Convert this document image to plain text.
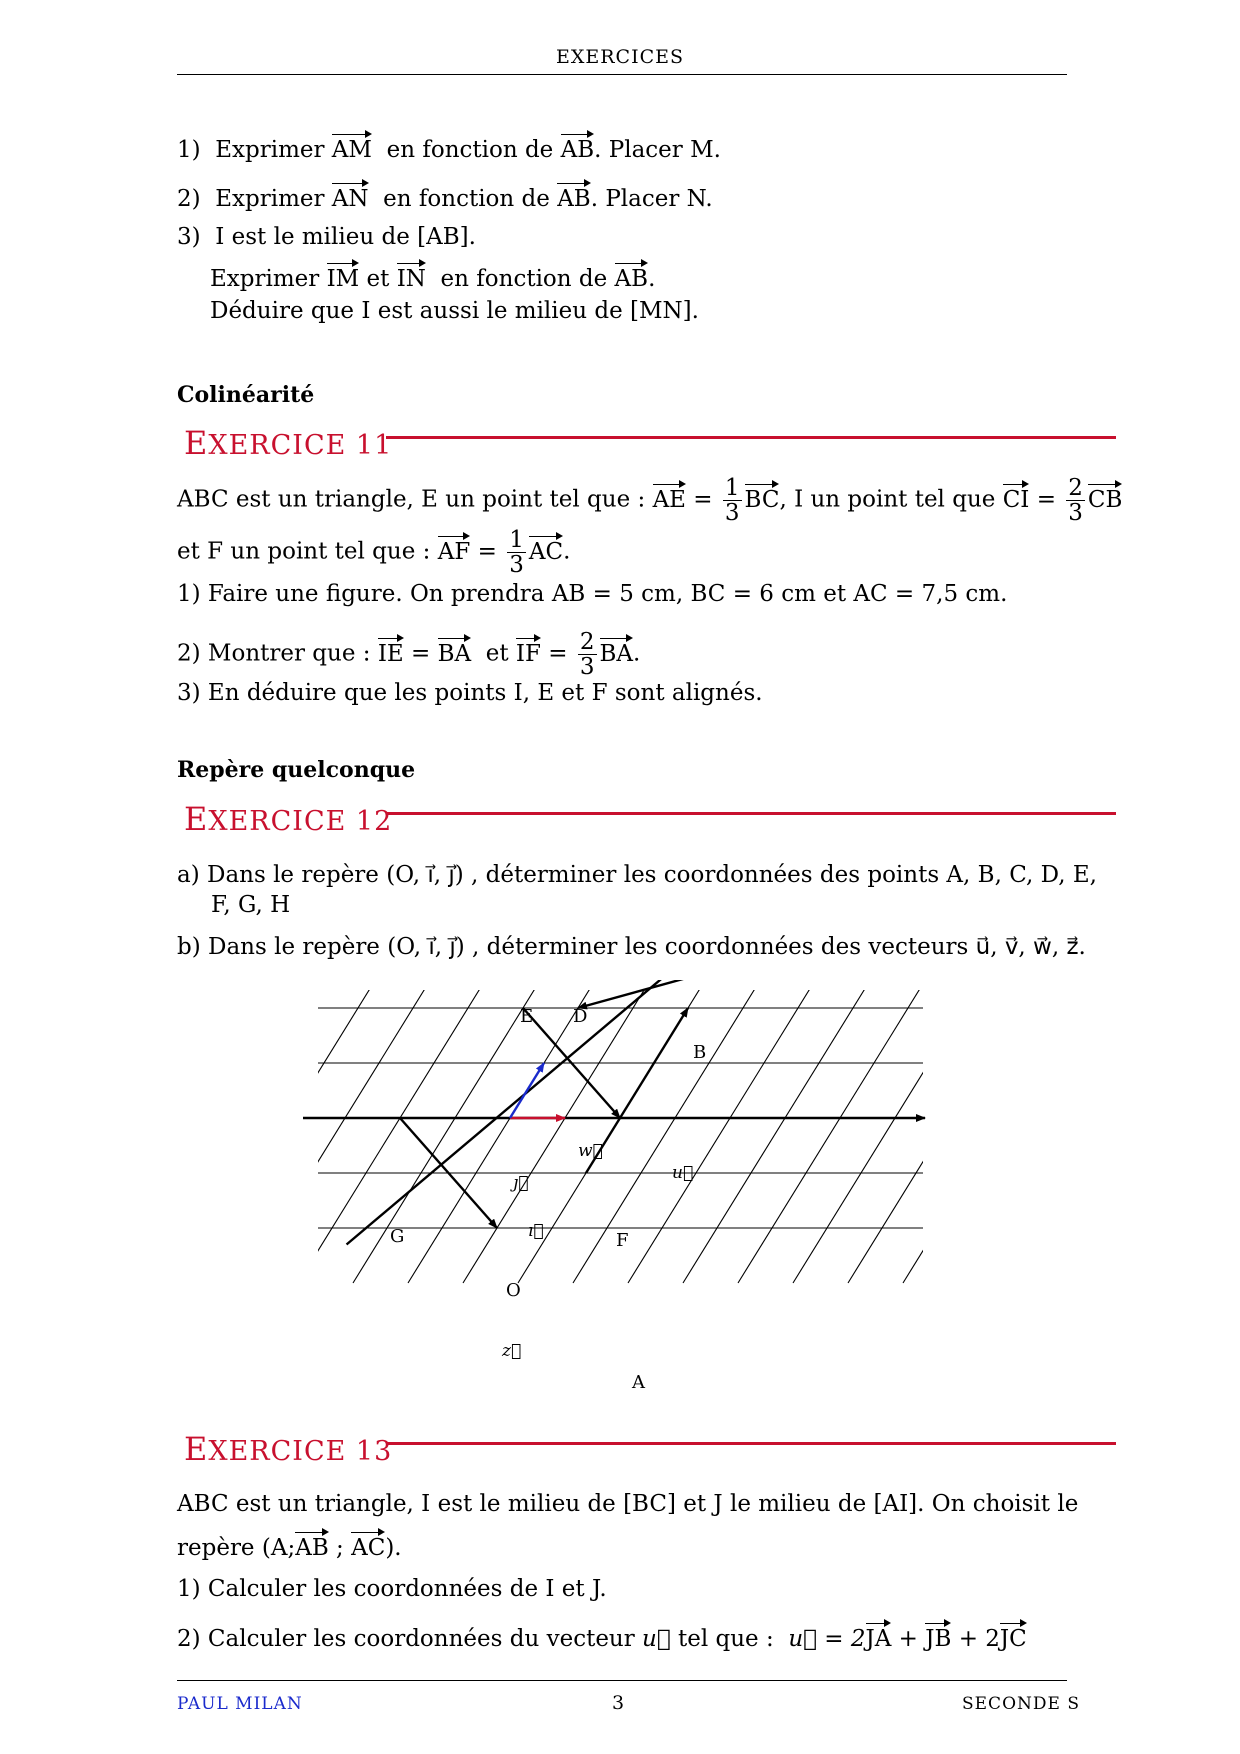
EXERCICES
1) Exprimer AM en fonction de AB. Placer M.
2) Exprimer AN en fonction de AB. Placer N.
3) I est le milieu de [AB].
Exprimer IM et IN en fonction de AB.
Déduire que I est aussi le milieu de [MN].
Colinéarité
EXERCICE 11
ABC est un triangle, E un point tel que : AE = $\frac{1}{3}$ BC, I un point tel que CI = $\frac{2}{3}$ CB
et F un point tel que : AF = $\frac{1}{3}$ AC.
1) Faire une figure. On prendra AB = 5 cm, BC = 6 cm et AC = 7,5 cm.
2) Montrer que : IE = BA et IF = $\frac{2}{3}$ BA.
3) En déduire que les points I, E et F sont alignés.
Repère quelconque
EXERCICE 12
a) Dans le repère (O, ı⃗, ȷ⃗) , déterminer les coordonnées des points A, B, C, D, E,
F, G, H
b) Dans le repère (O, ı⃗, ȷ⃗) , déterminer les coordonnées des vecteurs u⃗, v⃗, w⃗, z⃗.
E D
B
w⃗
u⃗
ȷ⃗
G	ı⃗	F
O
z⃗
A
EXERCICE 13
ABC est un triangle, I est le milieu de [BC] et J le milieu de [AI]. On choisit le
repère (A;AB ; AC).
1) Calculer les coordonnées de I et J.
2) Calculer les coordonnées du vecteur u⃗ tel que : u⃗ = 2JA + JB + 2JC
PAUL MILAN	3	SECONDE S
